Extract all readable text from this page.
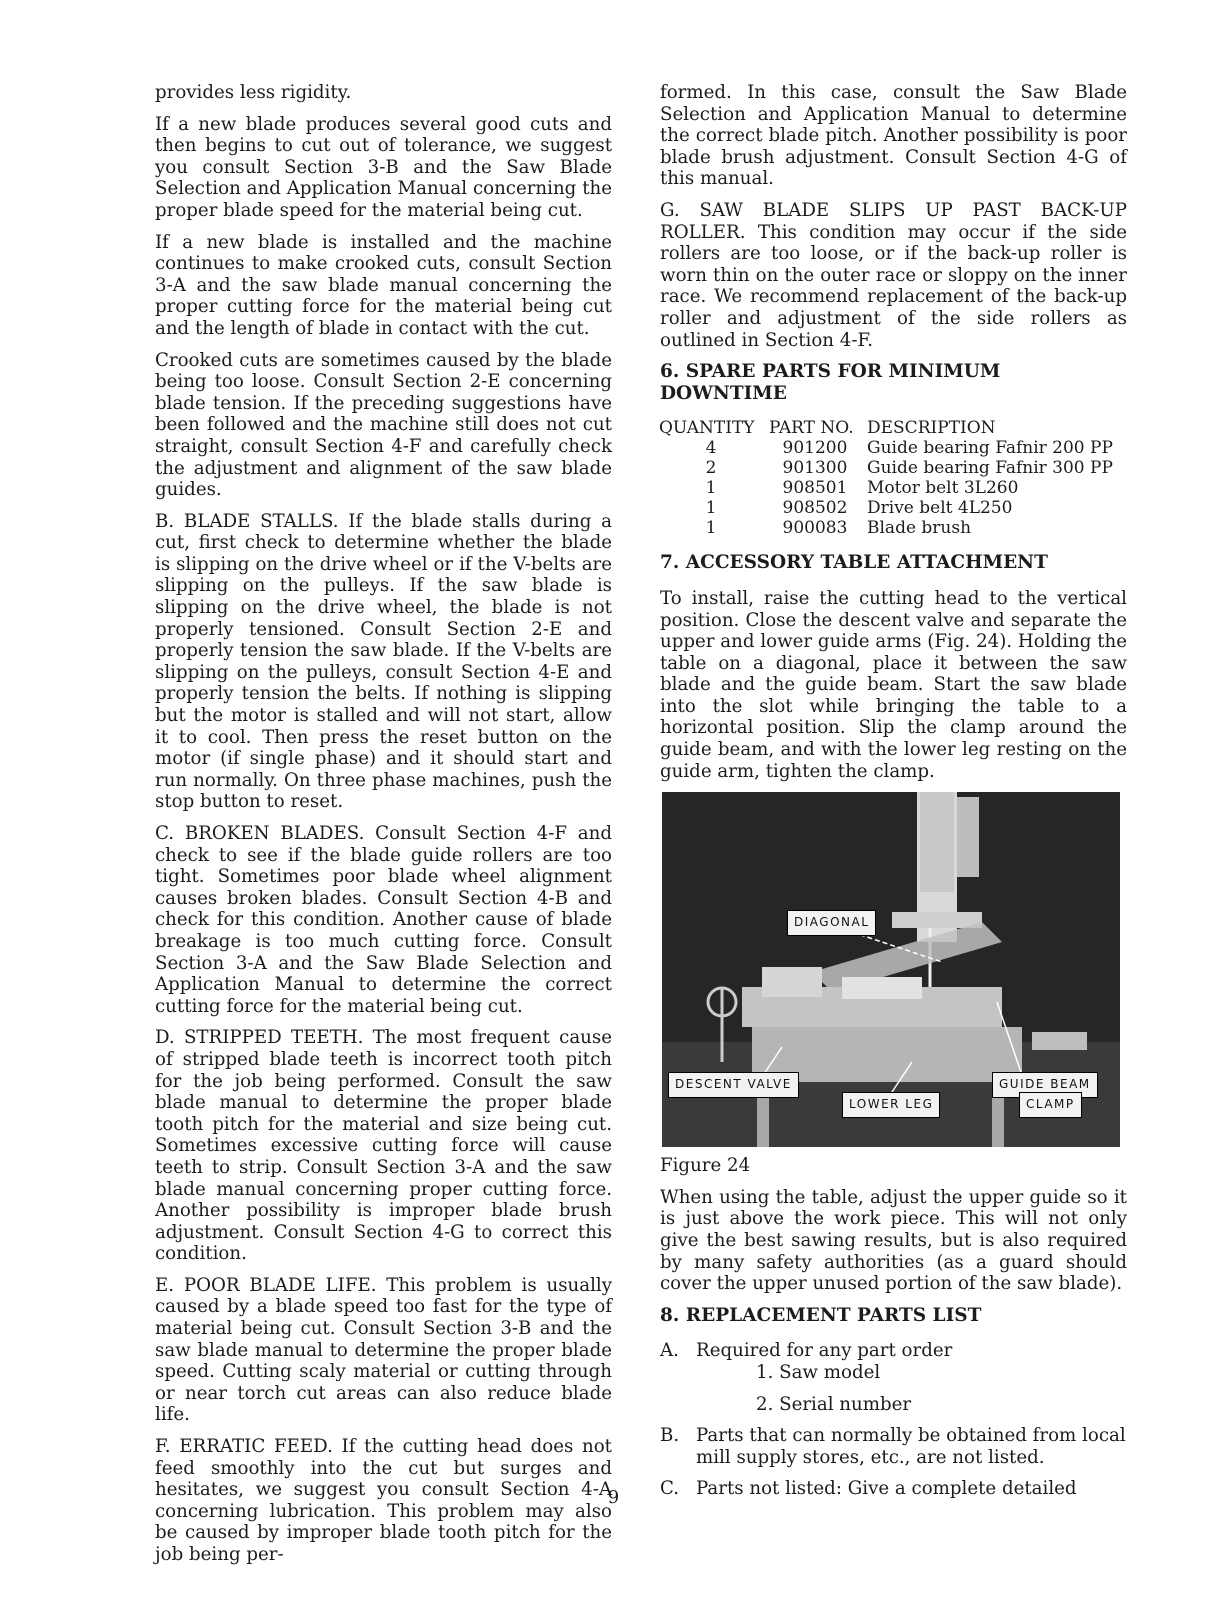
provides less rigidity.

If a new blade produces several good cuts and then begins to cut out of tolerance, we suggest you consult Section 3-B and the Saw Blade Selection and Application Manual concerning the proper blade speed for the material being cut.

If a new blade is installed and the machine continues to make crooked cuts, consult Section 3-A and the saw blade manual concerning the proper cutting force for the material being cut and the length of blade in contact with the cut.

Crooked cuts are sometimes caused by the blade being too loose. Consult Section 2-E concerning blade tension. If the preceding suggestions have been followed and the machine still does not cut straight, consult Section 4-F and carefully check the adjustment and alignment of the saw blade guides.

B. BLADE STALLS. If the blade stalls during a cut, first check to determine whether the blade is slipping on the drive wheel or if the V-belts are slipping on the pulleys. If the saw blade is slipping on the drive wheel, the blade is not properly tensioned. Consult Section 2-E and properly tension the saw blade. If the V-belts are slipping on the pulleys, consult Section 4-E and properly tension the belts. If nothing is slipping but the motor is stalled and will not start, allow it to cool. Then press the reset button on the motor (if single phase) and it should start and run normally. On three phase machines, push the stop button to reset.

C. BROKEN BLADES. Consult Section 4-F and check to see if the blade guide rollers are too tight. Sometimes poor blade wheel alignment causes broken blades. Consult Section 4-B and check for this condition. Another cause of blade breakage is too much cutting force. Consult Section 3-A and the Saw Blade Selection and Application Manual to determine the correct cutting force for the material being cut.

D. STRIPPED TEETH. The most frequent cause of stripped blade teeth is incorrect tooth pitch for the job being performed. Consult the saw blade manual to determine the proper blade tooth pitch for the material and size being cut. Sometimes excessive cutting force will cause teeth to strip. Consult Section 3-A and the saw blade manual concerning proper cutting force. Another possibility is improper blade brush adjustment. Consult Section 4-G to correct this condition.

E. POOR BLADE LIFE. This problem is usually caused by a blade speed too fast for the type of material being cut. Consult Section 3-B and the saw blade manual to determine the proper blade speed. Cutting scaly material or cutting through or near torch cut areas can also reduce blade life.

F. ERRATIC FEED. If the cutting head does not feed smoothly into the cut but surges and hesitates, we suggest you consult Section 4-A concerning lubrication. This problem may also be caused by improper blade tooth pitch for the job being per-

formed. In this case, consult the Saw Blade Selection and Application Manual to determine the correct blade pitch. Another possibility is poor blade brush adjustment. Consult Section 4-G of this manual.

G. SAW BLADE SLIPS UP PAST BACK-UP ROLLER. This condition may occur if the side rollers are too loose, or if the back-up roller is worn thin on the outer race or sloppy on the inner race. We recommend replacement of the back-up roller and adjustment of the side rollers as outlined in Section 4-F.

6. SPARE PARTS FOR MINIMUM DOWNTIME
QUANTITY	PART NO.	DESCRIPTION
4	901200	Guide bearing Fafnir 200 PP
2	901300	Guide bearing Fafnir 300 PP
1	908501	Motor belt 3L260
1	908502	Drive belt 4L250
1	900083	Blade brush
7. ACCESSORY TABLE ATTACHMENT

To install, raise the cutting head to the vertical position. Close the descent valve and separate the upper and lower guide arms (Fig. 24). Holding the table on a diagonal, place it between the saw blade and the guide beam. Start the saw blade into the slot while bringing the table to a horizontal position. Slip the clamp around the guide beam, and with the lower leg resting on the guide arm, tighten the clamp.

DIAGONAL
DESCENT VALVE
LOWER LEG
GUIDE BEAM
CLAMP

Figure 24

When using the table, adjust the upper guide so it is just above the work piece. This will not only give the best sawing results, but is also required by many safety authorities (as a guard should cover the upper unused portion of the saw blade).

8. REPLACEMENT PARTS LIST
A. Required for any part order
1. Saw model
2. Serial number
B. Parts that can normally be obtained from local mill supply stores, etc., are not listed.
C. Parts not listed: Give a complete detailed
9
